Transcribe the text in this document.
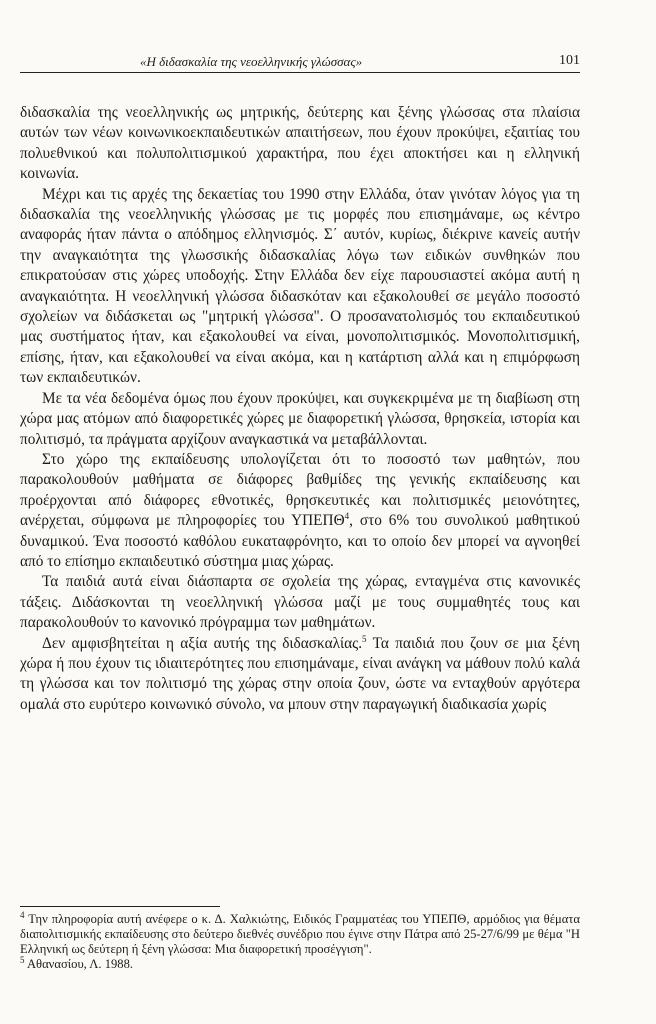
«Η διδασκαλία της νεοελληνικής γλώσσας»	101

διδασκαλία της νεοελληνικής ως μητρικής, δεύτερης και ξένης γλώσσας στα πλαίσια αυτών των νέων κοινωνικοεκπαιδευτικών απαιτήσεων, που έχουν προκύψει, εξαιτίας του πολυεθνικού και πολυπολιτισμικού χαρακτήρα, που έχει αποκτήσει και η ελληνική κοινωνία.

Μέχρι και τις αρχές της δεκαετίας του 1990 στην Ελλάδα, όταν γινόταν λόγος για τη διδασκαλία της νεοελληνικής γλώσσας με τις μορφές που επισημάναμε, ως κέντρο αναφοράς ήταν πάντα ο απόδημος ελληνισμός. Σ΄ αυτόν, κυρίως, διέκρινε κανείς αυτήν την αναγκαιότητα της γλωσσικής διδασκαλίας λόγω των ειδικών συνθηκών που επικρατούσαν στις χώρες υποδοχής. Στην Ελλάδα δεν είχε παρουσιαστεί ακόμα αυτή η αναγκαιότητα. Η νεοελληνική γλώσσα διδασκόταν και εξακολουθεί σε μεγάλο ποσοστό σχολείων να διδάσκεται ως "μητρική γλώσσα". Ο προσανατολισμός του εκπαιδευτικού μας συστήματος ήταν, και εξακολουθεί να είναι, μονοπολιτισμικός. Μονοπολιτισμική, επίσης, ήταν, και εξακολουθεί να είναι ακόμα, και η κατάρτιση αλλά και η επιμόρφωση των εκπαιδευτικών.

Με τα νέα δεδομένα όμως που έχουν προκύψει, και συγκεκριμένα με τη διαβίωση στη χώρα μας ατόμων από διαφορετικές χώρες με διαφορετική γλώσσα, θρησκεία, ιστορία και πολιτισμό, τα πράγματα αρχίζουν αναγκαστικά να μεταβάλλονται.

Στο χώρο της εκπαίδευσης υπολογίζεται ότι το ποσοστό των μαθητών, που παρακολουθούν μαθήματα σε διάφορες βαθμίδες της γενικής εκπαίδευσης και προέρχονται από διάφορες εθνοτικές, θρησκευτικές και πολιτισμικές μειονότητες, ανέρχεται, σύμφωνα με πληροφορίες του ΥΠΕΠΘ$^4$, στο 6% του συνολικού μαθητικού δυναμικού. Ένα ποσοστό καθόλου ευκαταφρόνητο, και το οποίο δεν μπορεί να αγνοηθεί από το επίσημο εκπαιδευτικό σύστημα μιας χώρας.

Τα παιδιά αυτά είναι διάσπαρτα σε σχολεία της χώρας, ενταγμένα στις κανονικές τάξεις. Διδάσκονται τη νεοελληνική γλώσσα μαζί με τους συμμαθητές τους και παρακολουθούν το κανονικό πρόγραμμα των μαθημάτων.

Δεν αμφισβητείται η αξία αυτής της διδασκαλίας.$^5$ Τα παιδιά που ζουν σε μια ξένη χώρα ή που έχουν τις ιδιαιτερότητες που επισημάναμε, είναι ανάγκη να μάθουν πολύ καλά τη γλώσσα και τον πολιτισμό της χώρας στην οποία ζουν, ώστε να ενταχθούν αργότερα ομαλά στο ευρύτερο κοινωνικό σύνολο, να μπουν στην παραγωγική διαδικασία χωρίς

$^4$ Την πληροφορία αυτή ανέφερε ο κ. Δ. Χαλκιώτης, Ειδικός Γραμματέας του ΥΠΕΠΘ, αρμόδιος για θέματα διαπολιτισμικής εκπαίδευσης στο δεύτερο διεθνές συνέδριο που έγινε στην Πάτρα από 25-27/6/99 με θέμα "Η Ελληνική ως δεύτερη ή ξένη γλώσσα: Μια διαφορετική προσέγγιση".

$^5$ Αθανασίου, Λ. 1988.
